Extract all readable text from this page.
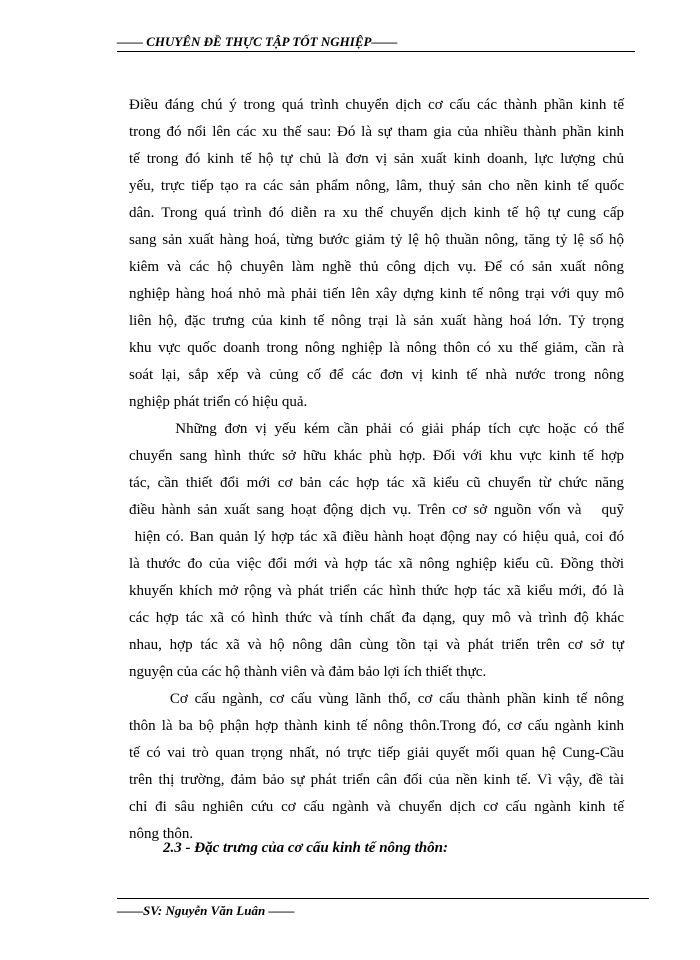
—— CHUYÊN ĐỀ THỰC TẬP TỐT NGHIỆP——

Điều đáng chú ý trong quá trình chuyển dịch cơ cấu các thành phần kinh tế
trong đó nổi lên các xu thế sau: Đó là sự tham gia của nhiều thành phần kinh
tế trong đó kinh tế hộ tự chủ là đơn vị sản xuất kinh doanh, lực lượng chủ
yếu, trực tiếp tạo ra các sản phẩm nông, lâm, thuỷ sản cho nền kinh tế quốc
dân. Trong quá trình đó diễn ra xu thế chuyển dịch kinh tế hộ tự cung cấp
sang sản xuất hàng hoá, từng bước giảm tỷ lệ hộ thuần nông, tăng tỷ lệ số hộ
kiêm và các hộ chuyên làm nghề thủ công dịch vụ. Để có sản xuất nông
nghiệp hàng hoá nhỏ mà phải tiến lên xây dựng kinh tế nông trại với quy mô
liên hộ, đặc trưng của kinh tế nông trại là sản xuất hàng hoá lớn. Tỷ trọng
khu vực quốc doanh trong nông nghiệp là nông thôn có xu thế giảm, cần rà
soát lại, sắp xếp và củng cố để các đơn vị kinh tế nhà nước trong nông
nghiệp phát triển có hiệu quả.

Những đơn vị yếu kém cần phải có giải pháp tích cực hoặc có thể
chuyển sang hình thức sở hữu khác phù hợp. Đối với khu vực kinh tế hợp
tác, cần thiết đổi mới cơ bản các hợp tác xã kiểu cũ chuyển từ chức năng
điều hành sản xuất sang hoạt động dịch vụ. Trên cơ sở nguồn vốn và   quỹ
hiện có. Ban quản lý hợp tác xã điều hành hoạt động nay có hiệu quả, coi đó
là thước đo của việc đổi mới và hợp tác xã nông nghiệp kiểu cũ. Đồng thời
khuyến khích mở rộng và phát triển các hình thức hợp tác xã kiểu mới, đó là
các hợp tác xã có hình thức và tính chất đa dạng, quy mô và trình độ khác
nhau, hợp tác xã và hộ nông dân cùng tồn tại và phát triển trên cơ sở tự
nguyện của các hộ thành viên và đảm bảo lợi ích thiết thực.

Cơ cấu ngành, cơ cấu vùng lãnh thổ, cơ cấu thành phần kinh tế nông
thôn là ba bộ phận hợp thành kinh tế nông thôn.Trong đó, cơ cấu ngành kinh
tế có vai trò quan trọng nhất, nó trực tiếp giải quyết mối quan hệ Cung-Cầu
trên thị trường, đảm bảo sự phát triển cân đối của nền kinh tế. Vì vậy, đề tài
chỉ đi sâu nghiên cứu cơ cấu ngành và chuyển dịch cơ cấu ngành kinh tế
nông thôn.

2.3 - Đặc trưng của cơ cấu kinh tế nông thôn:
——SV: Nguyễn Văn Luân ——
